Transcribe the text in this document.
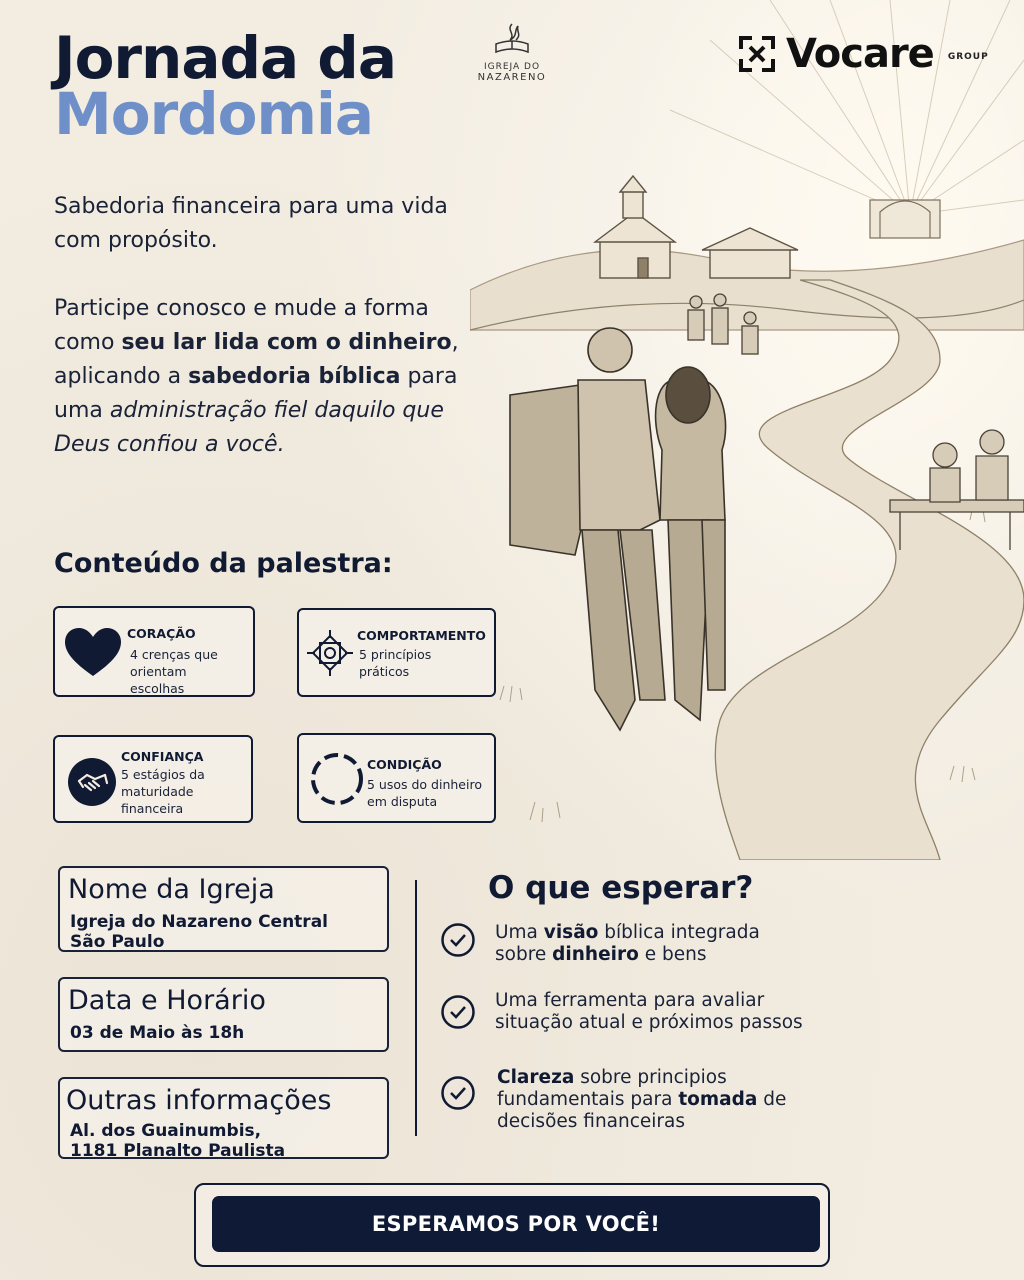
Jornada da
Mordomia
IGREJA DO
NAZARENO
Vocare GROUP

Sabedoria financeira para uma vida com propósito.

Participe conosco e mude a forma como seu lar lida com o dinheiro, aplicando a sabedoria bíblica para uma administração fiel daquilo que Deus confiou a você.

Conteúdo da palestra:
CORAÇÃO
4 crenças que orientam escolhas
COMPORTAMENTO
5 princípios práticos
CONFIANÇA
5 estágios da maturidade financeira
CONDIÇÃO
5 usos do dinheiro em disputa
Nome da Igreja
Igreja do Nazareno Central São Paulo
Data e Horário
03 de Maio às 18h
Outras informações
Al. dos Guainumbis, 1181 Planalto Paulista
O que esperar?
Uma visão bíblica integrada sobre dinheiro e bens
Uma ferramenta para avaliar situação atual e próximos passos
Clareza sobre principios fundamentais para tomada de decisões financeiras
ESPERAMOS POR VOCÊ!
